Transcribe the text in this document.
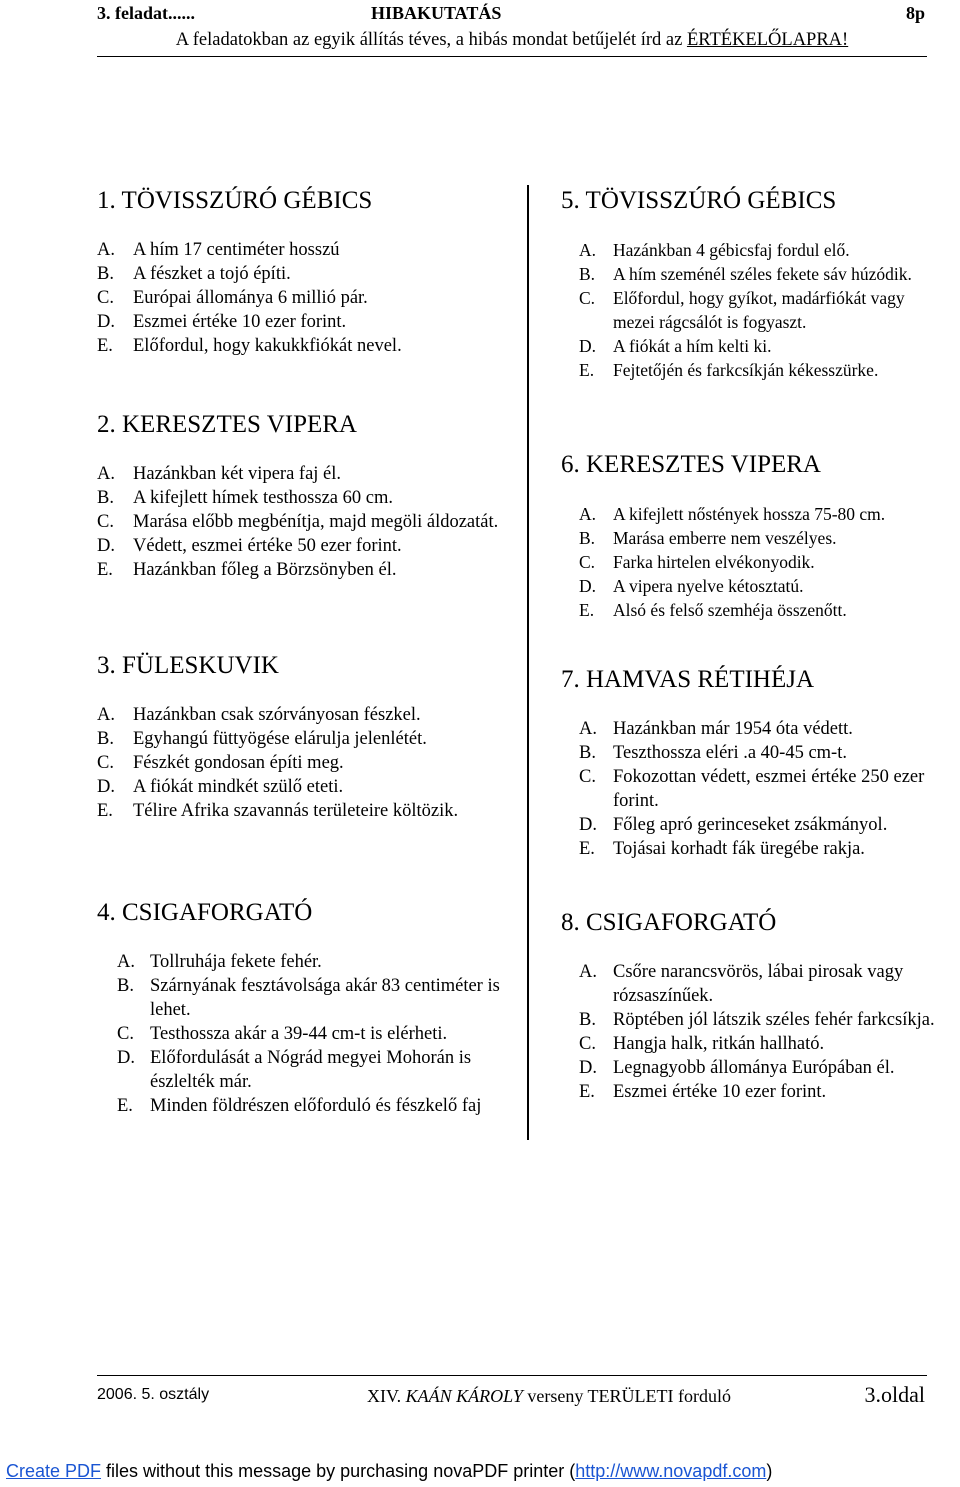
3. feladat......	HIBAKUTATÁS	8p
A feladatokban az egyik állítás téves, a hibás mondat betűjelét írd az ÉRTÉKELŐLAPRA!
1. TÖVISSZÚRÓ GÉBICS
A. A hím 17 centiméter hosszú
B. A fészket a tojó építi.
C. Európai állománya 6 millió pár.
D. Eszmei értéke 10 ezer forint.
E. Előfordul, hogy kakukkfiókát nevel.
2. KERESZTES VIPERA
A. Hazánkban két vipera faj él.
B. A kifejlett hímek testhossza 60 cm.
C. Marása előbb megbénítja, majd megöli áldozatát.
D. Védett, eszmei értéke 50 ezer forint.
E. Hazánkban főleg a Börzsönyben él.
3. FÜLESKUVIK
A. Hazánkban csak szórványosan fészkel.
B. Egyhangú füttyögése elárulja jelenlétét.
C. Fészkét gondosan építi meg.
D. A fiókát mindkét szülő eteti.
E. Télire Afrika szavannás területeire költözik.
4. CSIGAFORGATÓ
A. Tollruhája fekete fehér.
B. Szárnyának fesztávolsága akár 83 centiméter is lehet.
C. Testhossza akár a 39-44 cm-t is elérheti.
D. Előfordulását a Nógrád megyei Mohorán is észlelték már.
E. Minden földrészen előforduló és fészkelő faj
5. TÖVISSZÚRÓ GÉBICS
A. Hazánkban 4 gébicsfaj fordul elő.
B. A hím szeménél széles fekete sáv húzódik.
C. Előfordul, hogy gyíkot, madárfiókát vagy mezei rágcsálót is fogyaszt.
D. A fiókát a hím kelti ki.
E. Fejtetőjén és farkcsíkján kékesszürke.
6. KERESZTES VIPERA
A. A kifejlett nőstények hossza 75-80 cm.
B. Marása emberre nem veszélyes.
C. Farka hirtelen elvékonyodik.
D. A vipera nyelve kétosztatú.
E. Alsó és felső szemhéja összenőtt.
7. HAMVAS RÉTIHÉJA
A. Hazánkban már 1954 óta védett.
B. Teszthossza eléri .a 40-45 cm-t.
C. Fokozottan védett, eszmei értéke 250 ezer forint.
D. Főleg apró gerinceseket zsákmányol.
E. Tojásai korhadt fák üregébe rakja.
8. CSIGAFORGATÓ
A. Csőre narancsvörös, lábai pirosak vagy rózsaszínűek.
B. Röptében jól látszik széles fehér farkcsíkja.
C. Hangja halk, ritkán hallható.
D. Legnagyobb állománya Európában él.
E. Eszmei értéke 10 ezer forint.
2006. 5. osztály	XIV. KAÁN KÁROLY verseny TERÜLETI forduló	3.oldal
Create PDF files without this message by purchasing novaPDF printer (http://www.novapdf.com)
